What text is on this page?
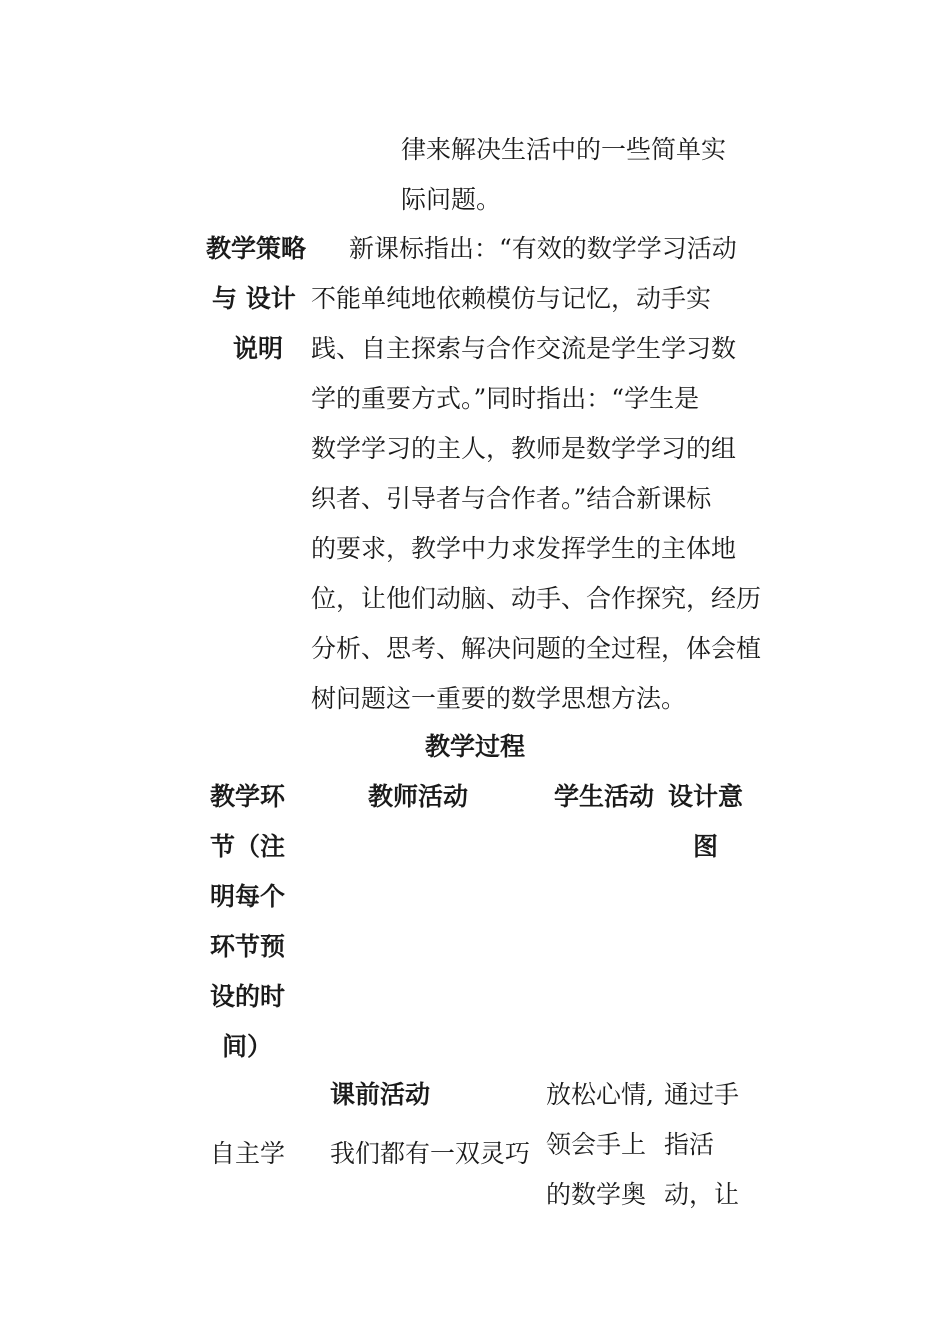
律来解决生活中的一些简单实
际问题。
教学策略
与 设计
说明
新课标指出：“有效的数学学习活动
不能单纯地依赖模仿与记忆，动手实
践、自主探索与合作交流是学生学习数
学的重要方式。”同时指出：“学生是
数学学习的主人，教师是数学学习的组
织者、引导者与合作者。”结合新课标
的要求，教学中力求发挥学生的主体地
位，让他们动脑、动手、合作探究，经历
分析、思考、解决问题的全过程，体会植
树问题这一重要的数学思想方法。
教学过程
教学环
节（注
明每个
环节预
设的时
间）
教师活动	学生活动 设计意
图
课前活动
自主学 我们都有一双灵巧
放松心情,
领会手上
的数学奥
通过手
指活
动，让
